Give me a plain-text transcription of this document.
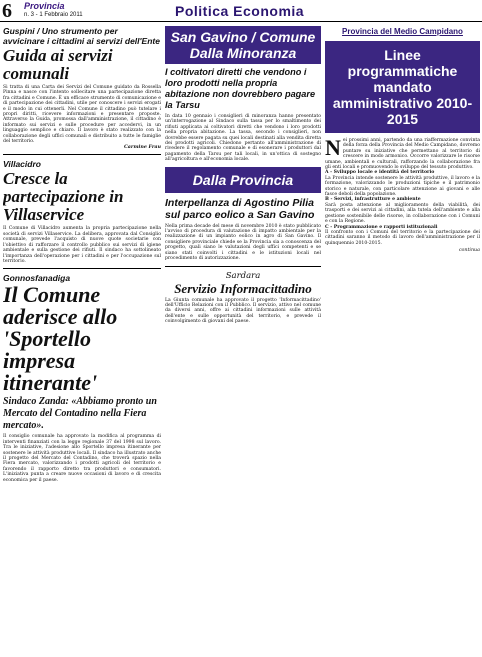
6 Provincia
n. 3 - 1 Febbraio 2011	Politica Economia
Guspini / Uno strumento per avvicinare i cittadini ai servizi dell'Ente
Guida ai servizi comunali
Si tratta di una Carta dei Servizi del Comune guidato da Rossella Pinna e nasce con l'intento sollecitare una partecipazione diretta fra cittadini e Comune. È un efficace strumento di comunicazione e di partecipazione dei cittadini, utile per conoscere i servizi erogati e il modo in cui ottenerli. Nel Comune il cittadino può tutelare i propri diritti, ricevere informazioni e presentare proposte. Attraverso la Guida, promossa dall'amministrazione, il cittadino è informato sui servizi e sulle procedure per accedervi, in un linguaggio semplice e chiaro. Il lavoro è stato realizzato con la collaborazione degli uffici comunali e distribuito a tutte le famiglie del territorio.
Carmine Frau
Villacidro
Cresce la partecipazione in Villaservice
Il Comune di Villacidro aumenta la propria partecipazione nella società di servizi Villaservice. La delibera, approvata dal Consiglio comunale, prevede l'acquisto di nuove quote societarie con l'obiettivo di rafforzare il controllo pubblico sui servizi di igiene ambientale e sulla gestione dei rifiuti. Il sindaco ha sottolineato l'importanza dell'operazione per i cittadini e per l'occupazione sul territorio.
Gonnosfanadiga
Il Comune aderisce allo 'Sportello impresa itinerante'
Sindaco Zanda: «Abbiamo pronto un Mercato del Contadino nella Fiera mercato».
Il consiglio comunale ha approvato la modifica al programma di interventi finanziati con la legge regionale 37 del 1998 sul lavoro. Tra le iniziative, l'adesione allo Sportello impresa itinerante per sostenere le attività produttive locali. Il sindaco ha illustrato anche il progetto del Mercato del Contadino, che troverà spazio nella Fiera mercato, valorizzando i prodotti agricoli del territorio e favorendo il rapporto diretto tra produttori e consumatori. L'iniziativa punta a creare nuove occasioni di lavoro e di crescita economica per il paese.
San Gavino / Comune Dalla Minoranza
I coltivatori diretti che vendono i loro prodotti nella propria abitazione non dovrebbero pagare la Tarsu
In data 10 gennaio i consiglieri di minoranza hanno presentato un'interrogazione al Sindaco sulla tassa per lo smaltimento dei rifiuti applicata ai coltivatori diretti che vendono i loro prodotti nella propria abitazione. La tassa, secondo i consiglieri, non dovrebbe essere pagata su quei locali destinati alla vendita diretta dei prodotti agricoli. Chiedono pertanto all'amministrazione di rivedere il regolamento comunale e di esonerare i produttori dal pagamento della Tarsu per tali locali, in un'ottica di sostegno all'agricoltura e all'economia locale.
Dalla Provincia
Interpellanza di Agostino Pilia sul parco eolico a San Gavino
Nella prima decade del mese di novembre 2010 è stato pubblicato l'avviso di procedura di valutazione di impatto ambientale per la realizzazione di un impianto eolico in agro di San Gavino. Il consigliere provinciale chiede se la Provincia sia a conoscenza del progetto, quali siano le valutazioni degli uffici competenti e se siano stati coinvolti i cittadini e le istituzioni locali nel procedimento di autorizzazione.
Sardara
Servizio Informacittadino
La Giunta comunale ha approvato il progetto 'Informacittadino' dell'Ufficio Relazioni con il Pubblico. Il servizio, attivo nel comune da diversi anni, offre ai cittadini informazioni sulle attività dell'ente e sulle opportunità del territorio, e prevede il coinvolgimento di giovani del paese.
Provincia del Medio Campidano
Linee programmatiche mandato amministrativo 2010-2015
N ei prossimi anni, partendo da una riaffermazione convinta della forza della Provincia del Medio Campidano, dovremo puntare su iniziative che permettano al territorio di crescere in modo armonico. Occorre valorizzare le risorse umane, ambientali e culturali, rafforzando la collaborazione fra gli enti locali e promuovendo lo sviluppo del tessuto produttivo.
A - Sviluppo locale e identità del territorio
La Provincia intende sostenere le attività produttive, il lavoro e la formazione, valorizzando le produzioni tipiche e il patrimonio storico e naturale, con particolare attenzione ai giovani e alle fasce deboli della popolazione.
B - Servizi, infrastrutture e ambiente
Sarà posta attenzione al miglioramento della viabilità, dei trasporti e dei servizi ai cittadini, alla tutela dell'ambiente e alla gestione sostenibile delle risorse, in collaborazione con i Comuni e con la Regione.
C - Programmazione e rapporti istituzionali
Il confronto con i Comuni del territorio e la partecipazione dei cittadini saranno il metodo di lavoro dell'amministrazione per il quinquennio 2010-2015.
continua
